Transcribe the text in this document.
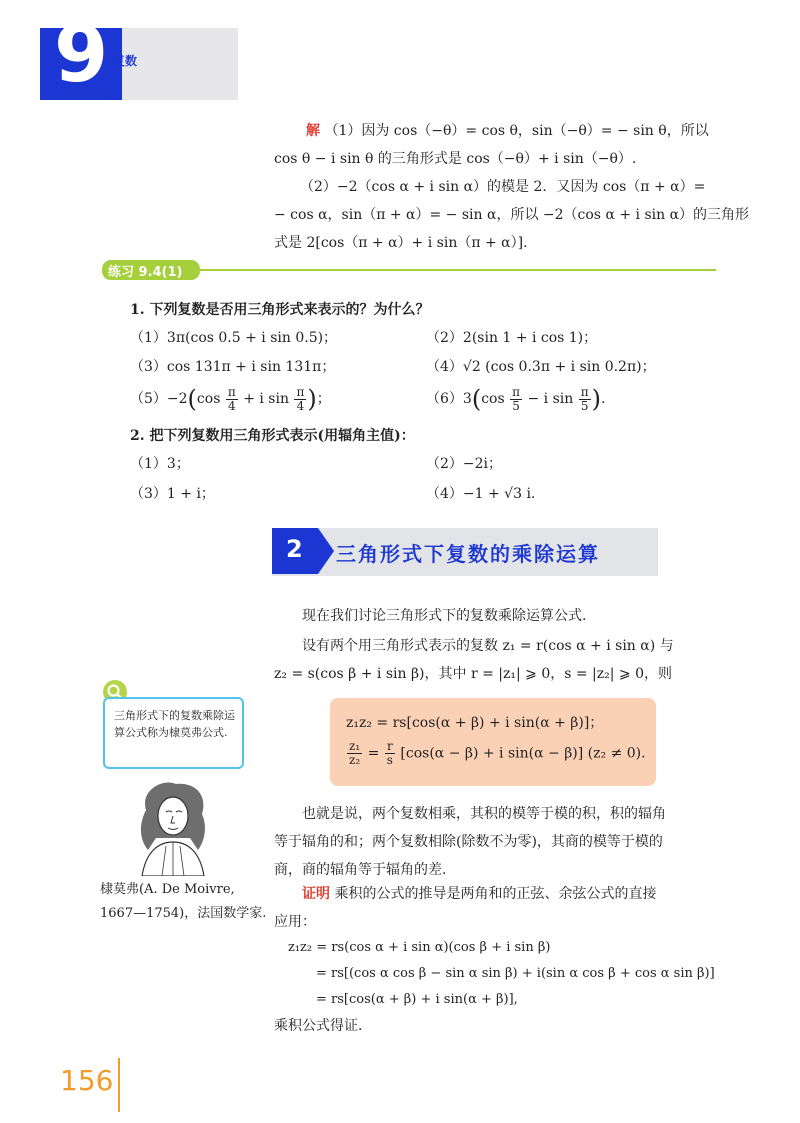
9 复数
解 （1）因为 cos（−θ）= cos θ，sin（−θ）= − sin θ，所以
cos θ − i sin θ 的三角形式是 cos（−θ）+ i sin（−θ）.
（2）−2（cos α + i sin α）的模是 2．又因为 cos（π + α）=
− cos α，sin（π + α）= − sin α，所以 −2（cos α + i sin α）的三角形
式是 2[cos（π + α）+ i sin（π + α）].
练习 9.4(1)
1. 下列复数是否用三角形式来表示的？为什么？
（1）3π(cos 0.5 + i sin 0.5)；	（2）2(sin 1 + i cos 1)；
（3）cos 131π + i sin 131π；	（4）√2 (cos 0.3π + i sin 0.2π)；
$(5)-2(\cos \frac{\pi}{4} + i$ $\sin \frac{\pi}{4}$ )；	$(6)3(\cos \frac{\pi}{5} - i$ $\sin \frac{\pi}{5}$ ).
2. 把下列复数用三角形式表示(用辐角主值)：
（1）3；	（2）−2i；
（3）1 + i；	（4）−1 + √3 i.
2 三角形式下复数的乘除运算
现在我们讨论三角形式下的复数乘除运算公式.
设有两个用三角形式表示的复数 z₁ = r(cos α + i sin α) 与
z₂ = s(cos β + i sin β)，其中 r = |z₁| ⩾ 0，s = |z₂| ⩾ 0，则
三角形式下的复数乘除运算公式称为棣莫弗公式.
z₁z₂ = rs[cos(α + β) + i sin(α + β)]；
$\frac{\text{z₁}}{\text{z₂}} = \frac{r}{s} [\cos(\alpha - \beta) + i$ sin(α − β)] (z₂ ≠ 0).
棣莫弗(A. De Moivre,
1667—1754)，法国数学家.
也就是说，两个复数相乘，其积的模等于模的积，积的辐角
等于辐角的和；两个复数相除(除数不为零)，其商的模等于模的
商，商的辐角等于辐角的差.
证明 乘积的公式的推导是两角和的正弦、余弦公式的直接
应用：
z₁z₂ = rs(cos α + i sin α)(cos β + i sin β)
= rs[(cos α cos β − sin α sin β) + i(sin α cos β + cos α sin β)]
= rs[cos(α + β) + i sin(α + β)],
乘积公式得证.
156
